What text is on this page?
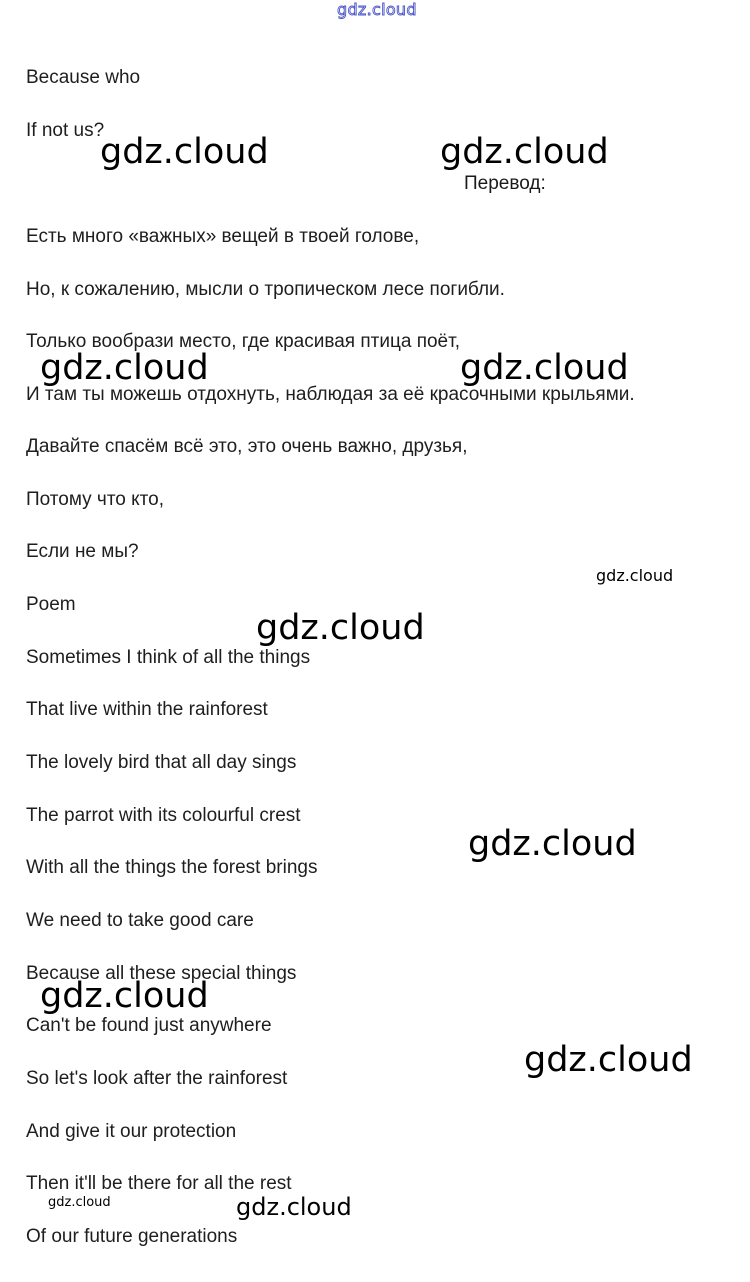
gdz.cloud
Because who
If not us?
Перевод:
Есть много «важных» вещей в твоей голове,
Но, к сожалению, мысли о тропическом лесе погибли.
Только вообрази место, где красивая птица поёт,
И там ты можешь отдохнуть, наблюдая за её красочными крыльями.
Давайте спасём всё это, это очень важно, друзья,
Потому что кто,
Если не мы?
Poem
Sometimes I think of all the things
That live within the rainforest
The lovely bird that all day sings
The parrot with its colourful crest
With all the things the forest brings
We need to take good care
Because all these special things
Can't be found just anywhere
So let's look after the rainforest
And give it our protection
Then it'll be there for all the rest
Of our future generations
gdz.cloud	gdz.cloud
gdz.cloud	gdz.cloud
gdz.cloud
gdz.cloud
gdz.cloud
gdz.cloud
gdz.cloud
gdz.cloud	gdz.cloud
